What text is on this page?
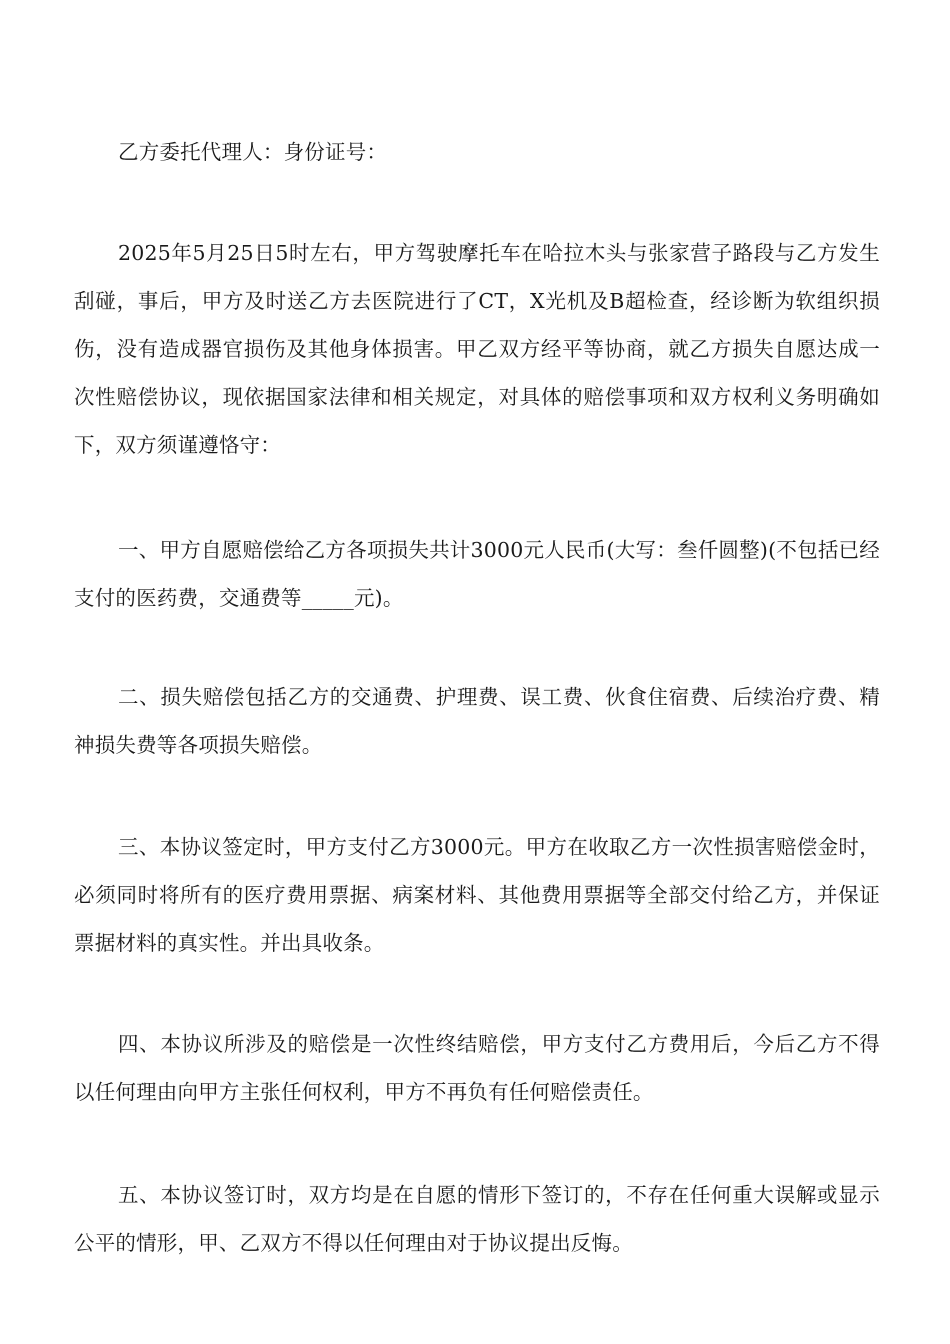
乙方委托代理人：身份证号：

2025年5月25日5时左右，甲方驾驶摩托车在哈拉木头与张家营子路段与乙方发生刮碰，事后，甲方及时送乙方去医院进行了CT，X光机及B超检查，经诊断为软组织损伤，没有造成器官损伤及其他身体损害。甲乙双方经平等协商，就乙方损失自愿达成一次性赔偿协议，现依据国家法律和相关规定，对具体的赔偿事项和双方权利义务明确如下，双方须谨遵恪守：

一、甲方自愿赔偿给乙方各项损失共计3000元人民币(大写：叁仟圆整)(不包括已经支付的医药费，交通费等_____元)。

二、损失赔偿包括乙方的交通费、护理费、误工费、伙食住宿费、后续治疗费、精神损失费等各项损失赔偿。

三、本协议签定时，甲方支付乙方3000元。甲方在收取乙方一次性损害赔偿金时，必须同时将所有的医疗费用票据、病案材料、其他费用票据等全部交付给乙方，并保证票据材料的真实性。并出具收条。

四、本协议所涉及的赔偿是一次性终结赔偿，甲方支付乙方费用后，今后乙方不得以任何理由向甲方主张任何权利，甲方不再负有任何赔偿责任。

五、本协议签订时，双方均是在自愿的情形下签订的，不存在任何重大误解或显示公平的情形，甲、乙双方不得以任何理由对于协议提出反悔。
